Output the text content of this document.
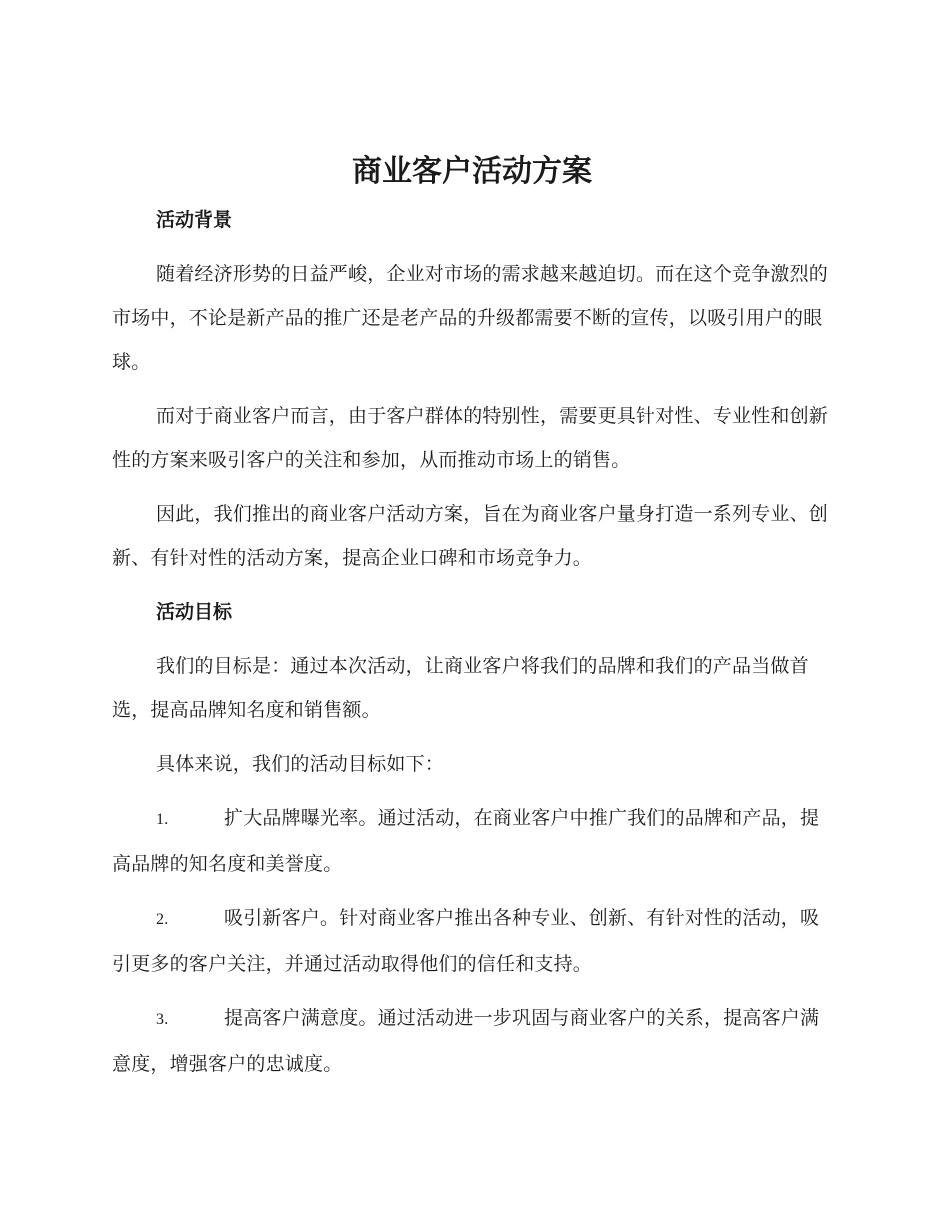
商业客户活动方案
活动背景

随着经济形势的日益严峻，企业对市场的需求越来越迫切。而在这个竞争激烈的市场中，不论是新产品的推广还是老产品的升级都需要不断的宣传，以吸引用户的眼球。

而对于商业客户而言，由于客户群体的特别性，需要更具针对性、专业性和创新性的方案来吸引客户的关注和参加，从而推动市场上的销售。

因此，我们推出的商业客户活动方案，旨在为商业客户量身打造一系列专业、创新、有针对性的活动方案，提高企业口碑和市场竞争力。

活动目标

我们的目标是：通过本次活动，让商业客户将我们的品牌和我们的产品当做首选，提高品牌知名度和销售额。

具体来说，我们的活动目标如下：

1.	扩大品牌曝光率。通过活动，在商业客户中推广我们的品牌和产品，提高品牌的知名度和美誉度。
2.	吸引新客户。针对商业客户推出各种专业、创新、有针对性的活动，吸引更多的客户关注，并通过活动取得他们的信任和支持。
3.	提高客户满意度。通过活动进一步巩固与商业客户的关系，提高客户满意度，增强客户的忠诚度。
